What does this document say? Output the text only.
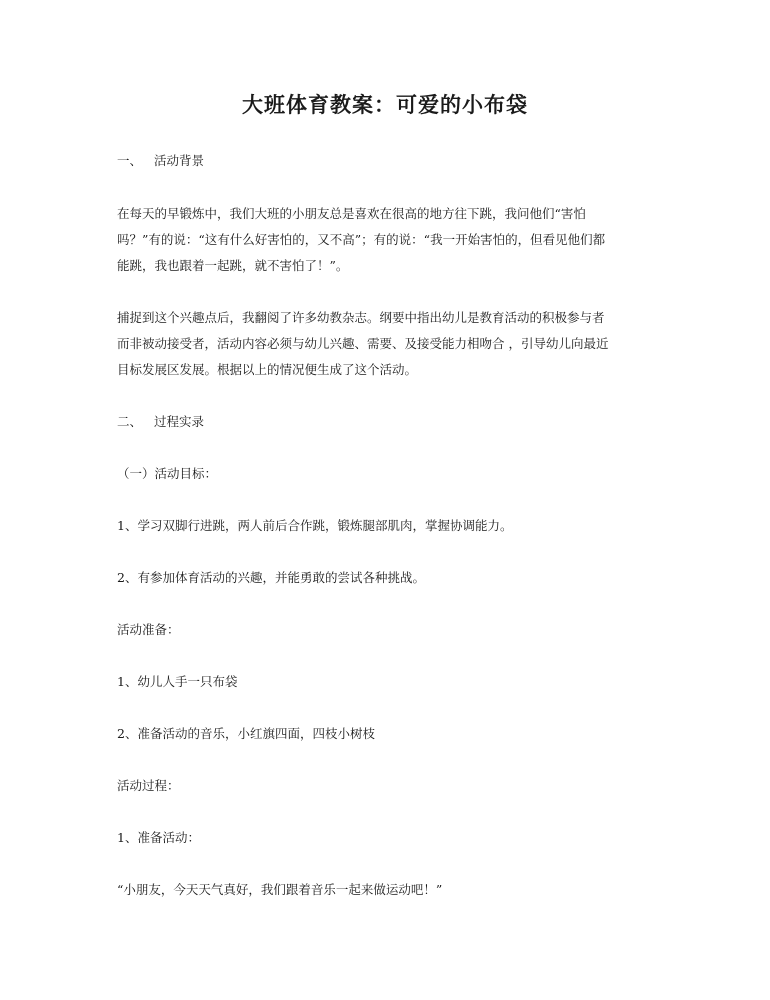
大班体育教案：可爱的小布袋
一、 活动背景
在每天的早锻炼中，我们大班的小朋友总是喜欢在很高的地方往下跳，我问他们“害怕
吗？”有的说：“这有什么好害怕的，又不高”；有的说：“我一开始害怕的，但看见他们都
能跳，我也跟着一起跳，就不害怕了！”。
捕捉到这个兴趣点后，我翻阅了许多幼教杂志。纲要中指出幼儿是教育活动的积极参与者
而非被动接受者，活动内容必须与幼儿兴趣、需要、及接受能力相吻合 ，引导幼儿向最近
目标发展区发展。根据以上的情况便生成了这个活动。
二、 过程实录
（一）活动目标：
1、学习双脚行进跳，两人前后合作跳，锻炼腿部肌肉，掌握协调能力。
2、有参加体育活动的兴趣，并能勇敢的尝试各种挑战。
活动准备：
1、幼儿人手一只布袋
2、准备活动的音乐，小红旗四面，四枝小树枝
活动过程：
1、准备活动：
“小朋友，今天天气真好，我们跟着音乐一起来做运动吧！”
